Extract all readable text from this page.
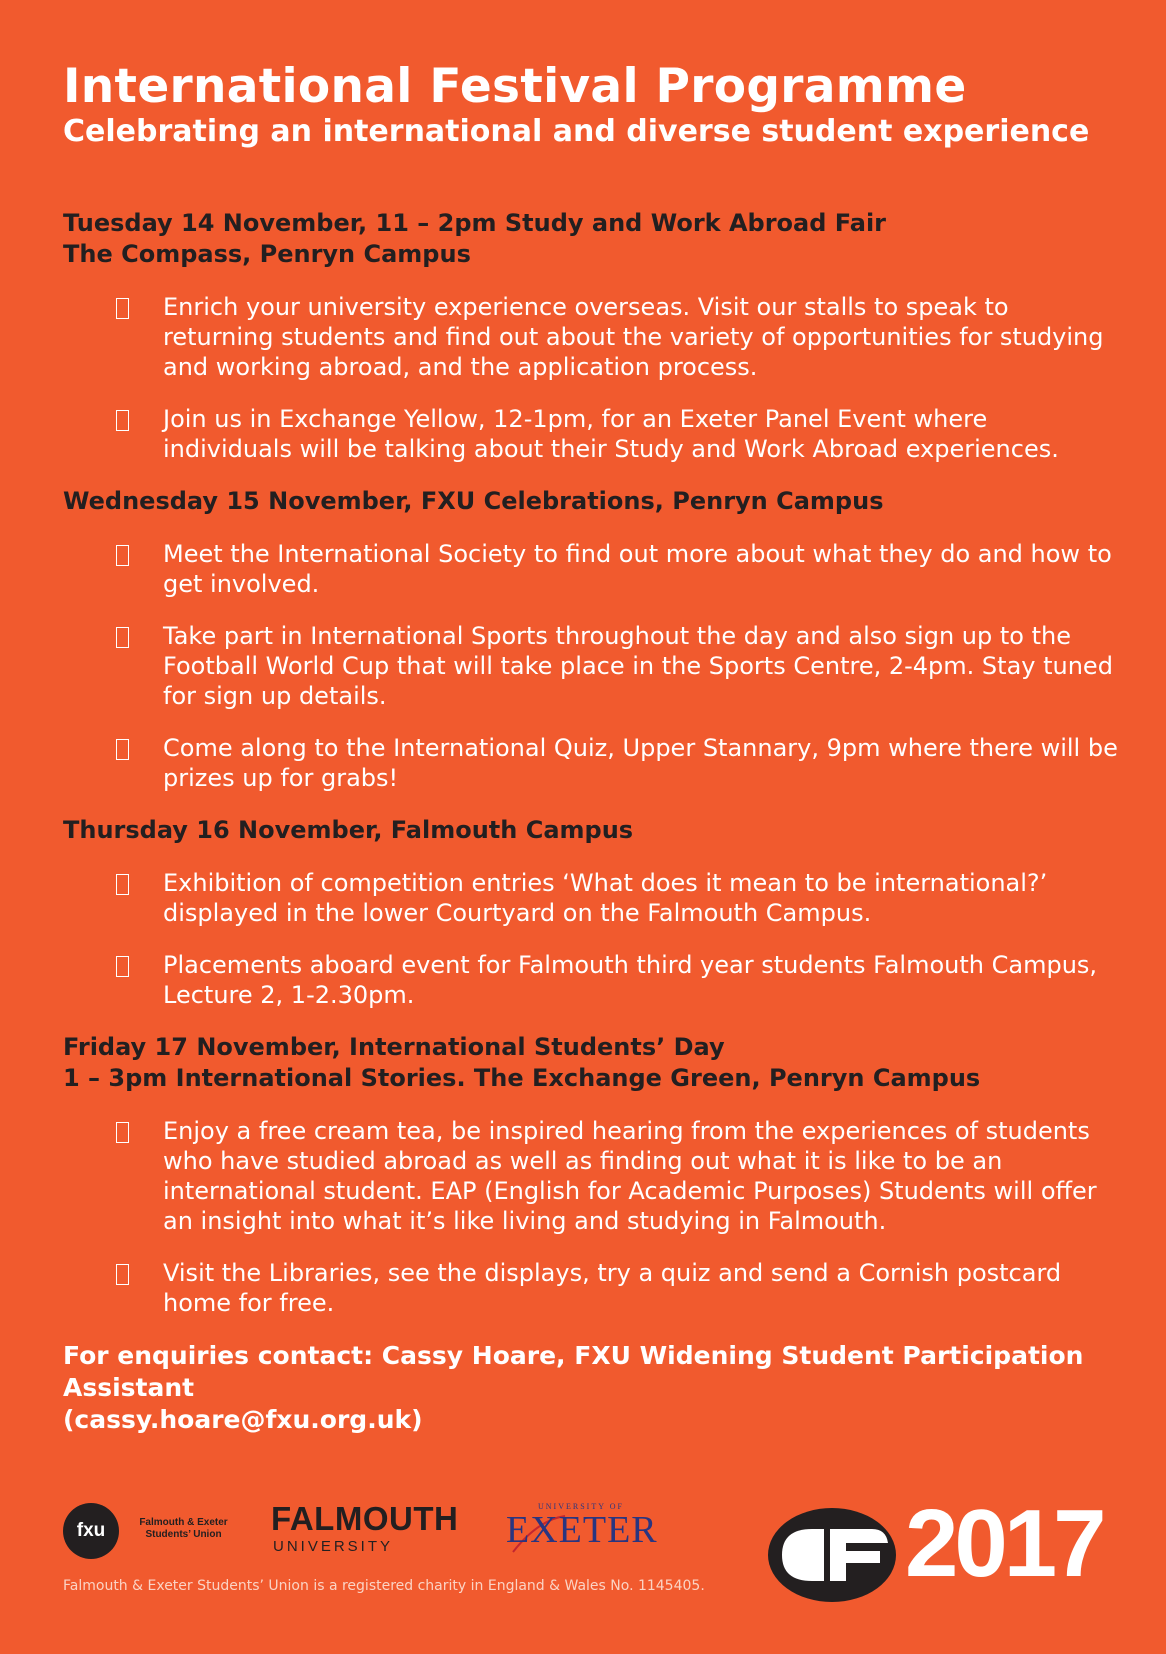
International Festival Programme

Celebrating an international and diverse student experience

Tuesday 14 November, 11 – 2pm Study and Work Abroad Fair
The Compass, Penryn Campus
Enrich your university experience overseas. Visit our stalls to speak to returning students and find out about the variety of opportunities for studying and working abroad, and the application process.
Join us in Exchange Yellow, 12-1pm, for an Exeter Panel Event where individuals will be talking about their Study and Work Abroad experiences.
Wednesday 15 November, FXU Celebrations, Penryn Campus
Meet the International Society to find out more about what they do and how to get involved.
Take part in International Sports throughout the day and also sign up to the Football World Cup that will take place in the Sports Centre, 2-4pm. Stay tuned for sign up details.
Come along to the International Quiz, Upper Stannary, 9pm where there will be prizes up for grabs!
Thursday 16 November, Falmouth Campus
Exhibition of competition entries ‘What does it mean to be international?’ displayed in the lower Courtyard on the Falmouth Campus.
Placements aboard event for Falmouth third year students Falmouth Campus, Lecture 2, 1-2.30pm.
Friday 17 November, International Students’ Day
1 – 3pm International Stories. The Exchange Green, Penryn Campus
Enjoy a free cream tea, be inspired hearing from the experiences of students who have studied abroad as well as finding out what it is like to be an international student. EAP (English for Academic Purposes) Students will offer an insight into what it’s like living and studying in Falmouth.
Visit the Libraries, see the displays, try a quiz and send a Cornish postcard home for free.
For enquiries contact: Cassy Hoare, FXU Widening Student Participation Assistant
(cassy.hoare@fxu.org.uk)
fxu	Falmouth & Exeter Students’ Union	FALMOUTH
UNIVERSITY
UNIVERSITY OF
EXETER
Falmouth & Exeter Students’ Union is a registered charity in England & Wales No. 1145405. 2017
